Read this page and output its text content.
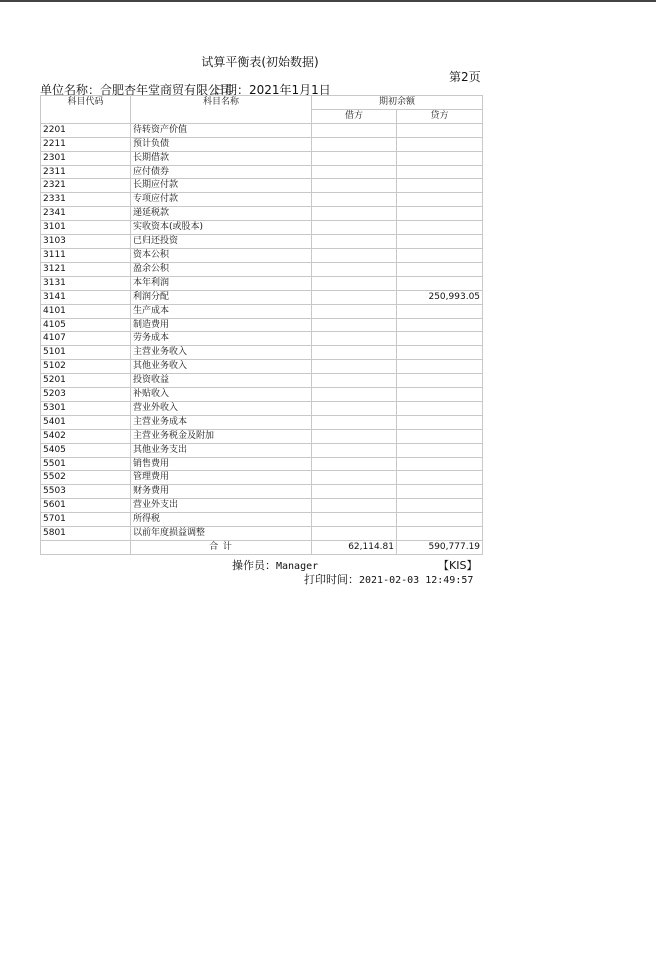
试算平衡表(初始数据)
第2页
单位名称：合肥杏年堂商贸有限公司
日期：2021年1月1日
科目代码	科目名称	期初余额	
		借方	贷方
2201	待转资产价值		
2211	预计负债		
2301	长期借款		
2311	应付债券		
2321	长期应付款		
2331	专项应付款		
2341	递延税款		
3101	实收资本(或股本)		
3103	已归还投资		
3111	资本公积		
3121	盈余公积		
3131	本年利润		
3141	利润分配		250,993.05
4101	生产成本		
4105	制造费用		
4107	劳务成本		
5101	主营业务收入		
5102	其他业务收入		
5201	投资收益		
5203	补贴收入		
5301	营业外收入		
5401	主营业务成本		
5402	主营业务税金及附加		
5405	其他业务支出		
5501	销售费用		
5502	管理费用		
5503	财务费用		
5601	营业外支出		
5701	所得税		
5801	以前年度损益调整		
	合 计	62,114.81	590,777.19
操作员：Manager	【KIS】
打印时间：2021-02-03 12:49:57
